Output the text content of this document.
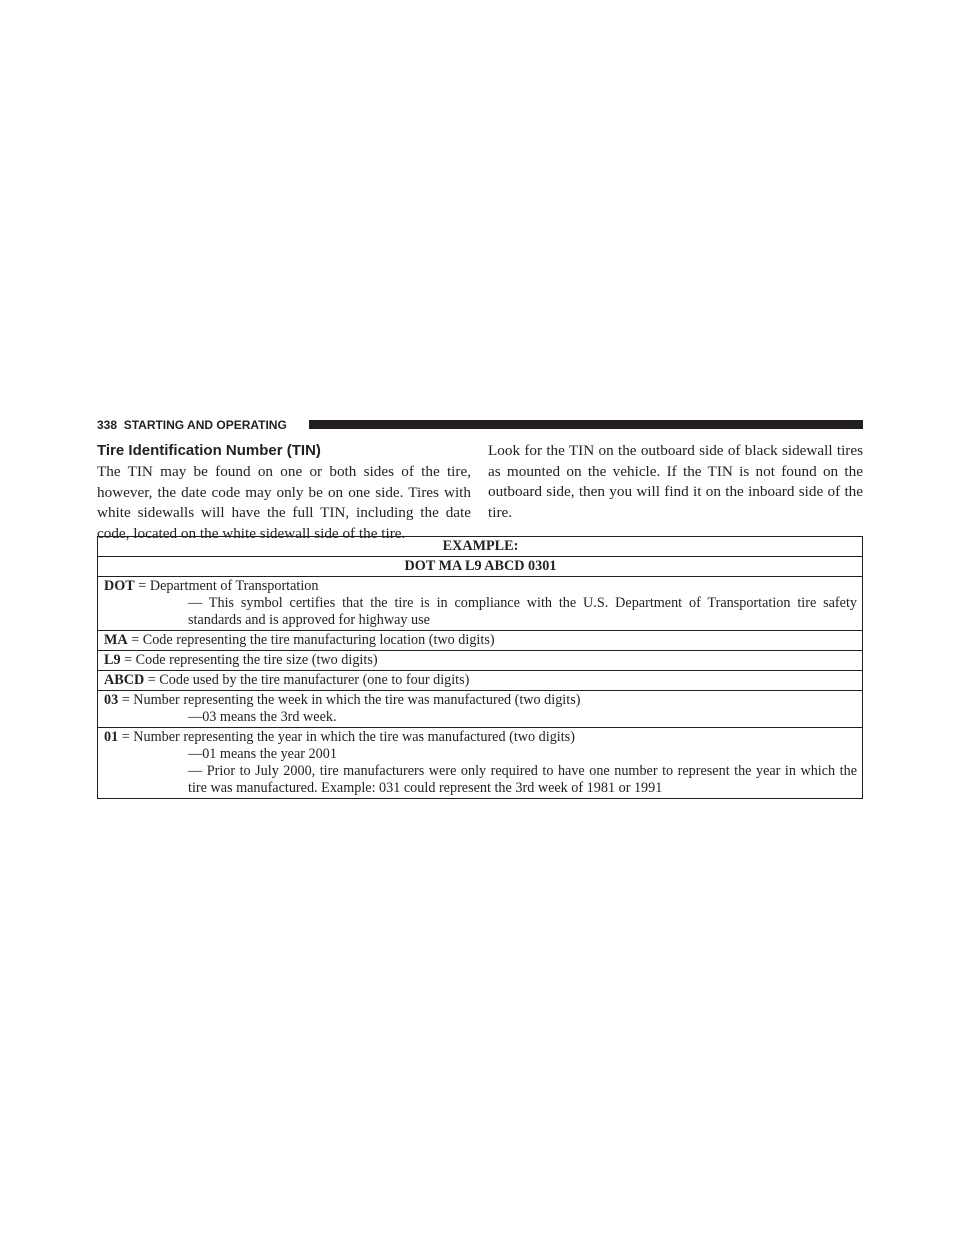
338 STARTING AND OPERATING
Tire Identification Number (TIN)

The TIN may be found on one or both sides of the tire, however, the date code may only be on one side. Tires with white sidewalls will have the full TIN, including the date code, located on the white sidewall side of the tire.

Look for the TIN on the outboard side of black sidewall tires as mounted on the vehicle. If the TIN is not found on the outboard side, then you will find it on the inboard side of the tire.

EXAMPLE:
DOT MA L9 ABCD 0301

DOT = Department of Transportation
— This symbol certifies that the tire is in compliance with the U.S. Department of Transportation tire safety standards and is approved for highway use

MA = Code representing the tire manufacturing location (two digits)

L9 = Code representing the tire size (two digits)

ABCD = Code used by the tire manufacturer (one to four digits)

03 = Number representing the week in which the tire was manufactured (two digits)
—03 means the 3rd week.

01 = Number representing the year in which the tire was manufactured (two digits)
—01 means the year 2001
— Prior to July 2000, tire manufacturers were only required to have one number to represent the year in which the tire was manufactured. Example: 031 could represent the 3rd week of 1981 or 1991
